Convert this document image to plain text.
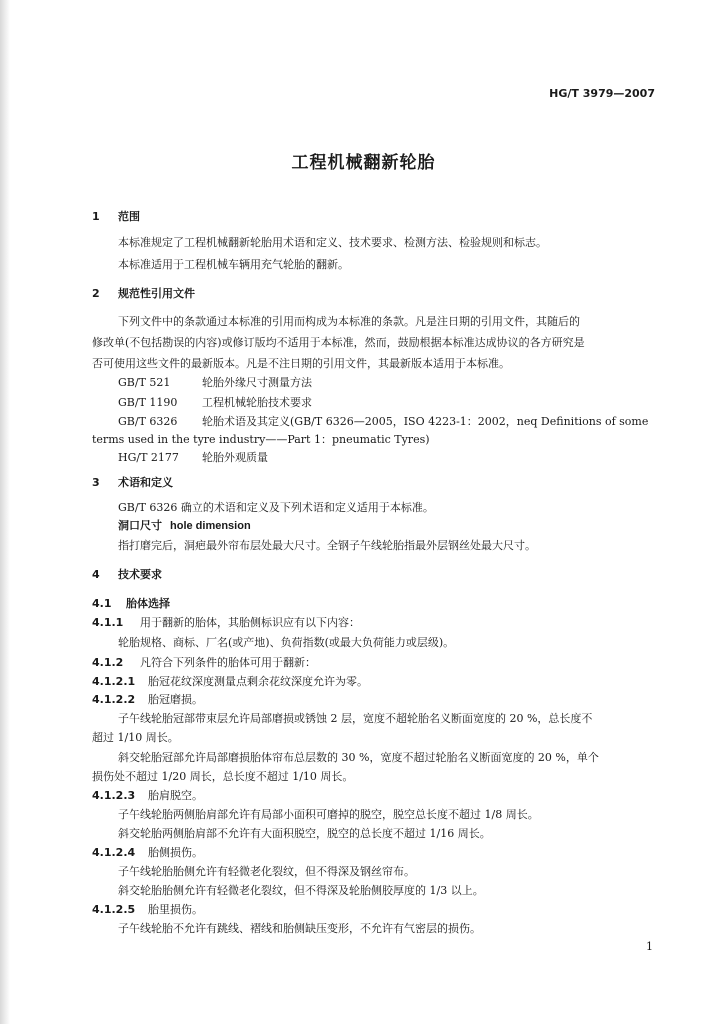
HG/T 3979—2007
工程机械翻新轮胎
1 范围
本标准规定了工程机械翻新轮胎用术语和定义、技术要求、检测方法、检验规则和标志。
本标准适用于工程机械车辆用充气轮胎的翻新。
2 规范性引用文件
下列文件中的条款通过本标准的引用而构成为本标准的条款。凡是注日期的引用文件，其随后的
修改单(不包括勘误的内容)或修订版均不适用于本标准，然而，鼓励根据本标准达成协议的各方研究是
否可使用这些文件的最新版本。凡是不注日期的引用文件，其最新版本适用于本标准。
GB/T 521	轮胎外缘尺寸测量方法
GB/T 1190 工程机械轮胎技术要求
GB/T 6326 轮胎术语及其定义(GB/T 6326—2005，ISO 4223-1：2002，neq Definitions of some
terms used in the tyre industry——Part 1：pneumatic Tyres)
HG/T 2177 轮胎外观质量
3 术语和定义
GB/T 6326 确立的术语和定义及下列术语和定义适用于本标准。
洞口尺寸 hole dimension
指打磨完后，洞疤最外帘布层处最大尺寸。全钢子午线轮胎指最外层钢丝处最大尺寸。
4 技术要求
4.1 胎体选择
4.1.1 用于翻新的胎体，其胎侧标识应有以下内容：
轮胎规格、商标、厂名(或产地)、负荷指数(或最大负荷能力或层级)。
4.1.2 凡符合下列条件的胎体可用于翻新：
4.1.2.1 胎冠花纹深度测量点剩余花纹深度允许为零。
4.1.2.2 胎冠磨损。
子午线轮胎冠部带束层允许局部磨损或锈蚀 2 层，宽度不超轮胎名义断面宽度的 20 %，总长度不
超过 1/10 周长。
斜交轮胎冠部允许局部磨损胎体帘布总层数的 30 %，宽度不超过轮胎名义断面宽度的 20 %，单个
损伤处不超过 1/20 周长，总长度不超过 1/10 周长。
4.1.2.3 胎肩脱空。
子午线轮胎两侧胎肩部允许有局部小面积可磨掉的脱空，脱空总长度不超过 1/8 周长。
斜交轮胎两侧胎肩部不允许有大面积脱空，脱空的总长度不超过 1/16 周长。
4.1.2.4 胎侧损伤。
子午线轮胎胎侧允许有轻微老化裂纹，但不得深及钢丝帘布。
斜交轮胎胎侧允许有轻微老化裂纹，但不得深及轮胎侧胶厚度的 1/3 以上。
4.1.2.5 胎里损伤。
子午线轮胎不允许有跳线、褶线和胎侧缺压变形，不允许有气密层的损伤。
1
